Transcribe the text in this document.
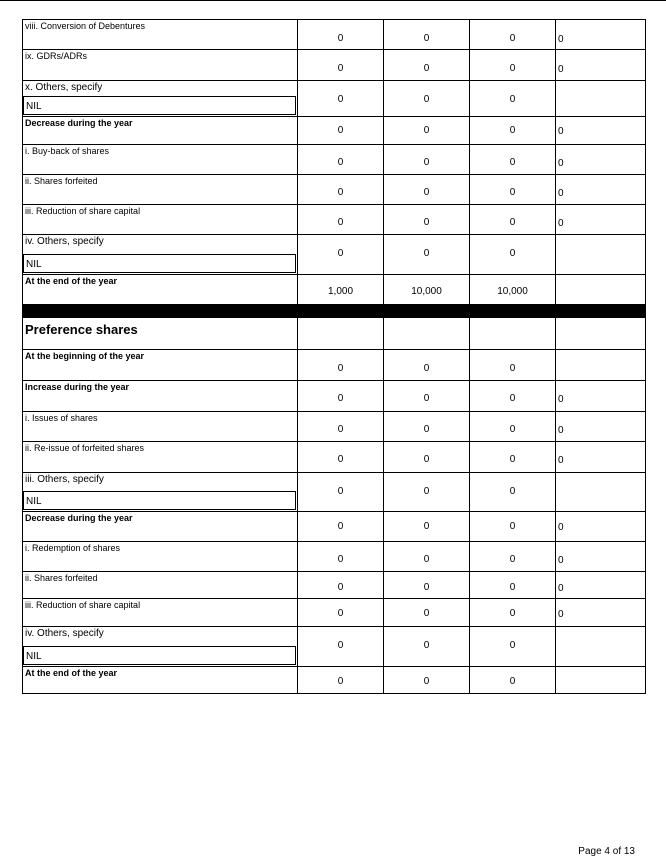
viii. Conversion of Debentures	0	0	0	0

ix. GDRs/ADRs	0	0	0	0

x. Others, specify
NIL	0	0	0	

Decrease during the year	0	0	0	0

i. Buy-back of shares	0	0	0	0

ii. Shares forfeited	0	0	0	0

iii. Reduction of share capital	0	0	0	0

iv. Others, specify
NIL	0	0	0	

At the end of the year	1,000	10,000	10,000	

Preference shares				

At the beginning of the year	0	0	0	

Increase during the year	0	0	0	0

i. Issues of shares	0	0	0	0

ii. Re-issue of forfeited shares	0	0	0	0

iii. Others, specify
NIL	0	0	0	

Decrease during the year	0	0	0	0

i. Redemption of shares	0	0	0	0

ii. Shares forfeited	0	0	0	0

iii. Reduction of share capital	0	0	0	0

iv. Others, specify
NIL	0	0	0	

At the end of the year	0	0	0	

Page 4 of 13
